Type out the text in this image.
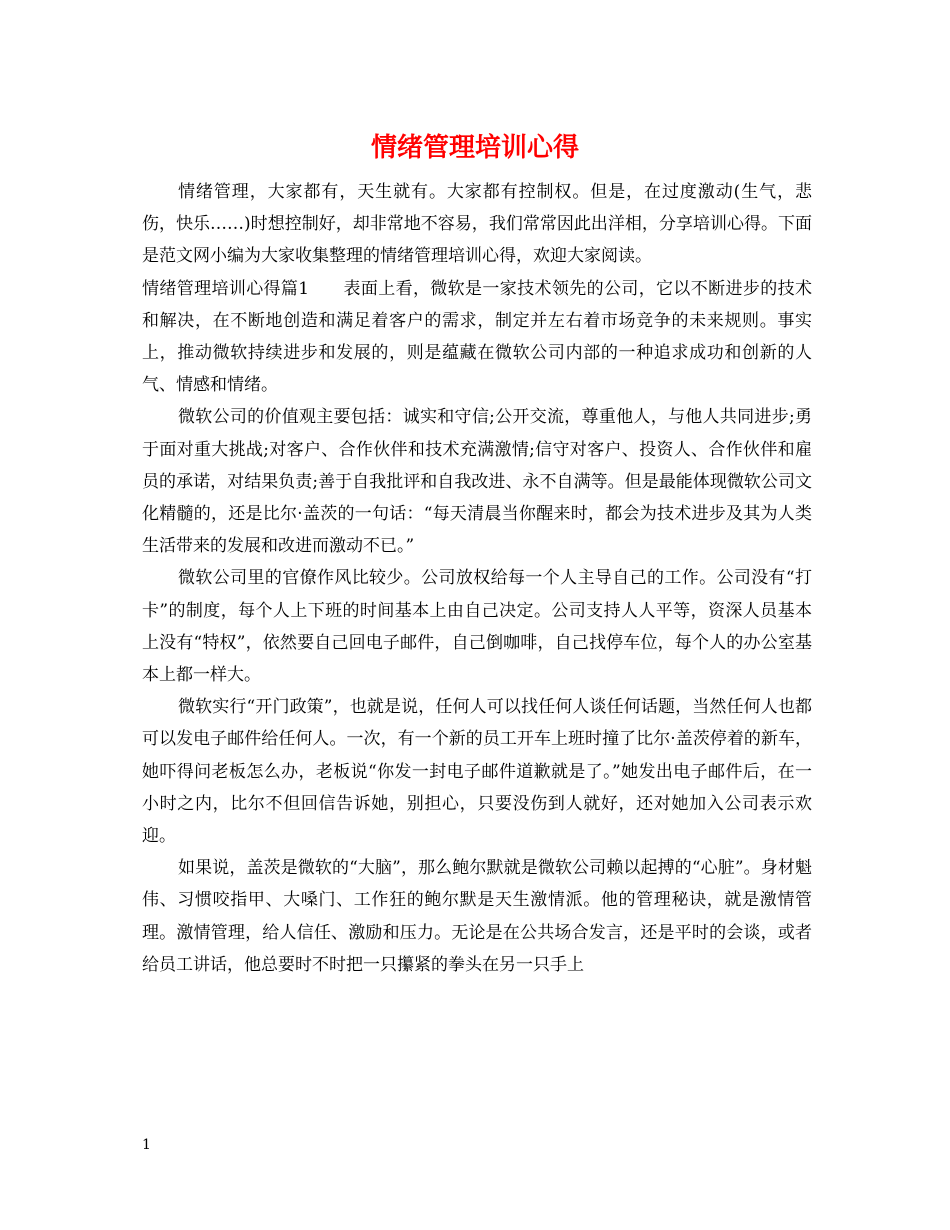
情绪管理培训心得

情绪管理，大家都有，天生就有。大家都有控制权。但是，在过度激动(生气，悲伤，快乐……)时想控制好，却非常地不容易，我们常常因此出洋相，分享培训心得。下面是范文网小编为大家收集整理的情绪管理培训心得，欢迎大家阅读。

情绪管理培训心得篇1 表面上看，微软是一家技术领先的公司，它以不断进步的技术和解决，在不断地创造和满足着客户的需求，制定并左右着市场竞争的未来规则。事实上，推动微软持续进步和发展的，则是蕴藏在微软公司内部的一种追求成功和创新的人气、情感和情绪。

微软公司的价值观主要包括：诚实和守信;公开交流，尊重他人，与他人共同进步;勇于面对重大挑战;对客户、合作伙伴和技术充满激情;信守对客户、投资人、合作伙伴和雇员的承诺，对结果负责;善于自我批评和自我改进、永不自满等。但是最能体现微软公司文化精髓的，还是比尔·盖茨的一句话：“每天清晨当你醒来时，都会为技术进步及其为人类生活带来的发展和改进而激动不已。”

微软公司里的官僚作风比较少。公司放权给每一个人主导自己的工作。公司没有“打卡”的制度，每个人上下班的时间基本上由自己决定。公司支持人人平等，资深人员基本上没有“特权”，依然要自己回电子邮件，自己倒咖啡，自己找停车位，每个人的办公室基本上都一样大。

微软实行“开门政策”，也就是说，任何人可以找任何人谈任何话题，当然任何人也都可以发电子邮件给任何人。一次，有一个新的员工开车上班时撞了比尔·盖茨停着的新车，她吓得问老板怎么办，老板说“你发一封电子邮件道歉就是了。”她发出电子邮件后，在一小时之内，比尔不但回信告诉她，别担心，只要没伤到人就好，还对她加入公司表示欢迎。

如果说，盖茨是微软的“大脑”，那么鲍尔默就是微软公司赖以起搏的“心脏”。身材魁伟、习惯咬指甲、大嗓门、工作狂的鲍尔默是天生激情派。他的管理秘诀，就是激情管理。激情管理，给人信任、激励和压力。无论是在公共场合发言，还是平时的会谈，或者给员工讲话，他总要时不时把一只攥紧的拳头在另一只手上

1
